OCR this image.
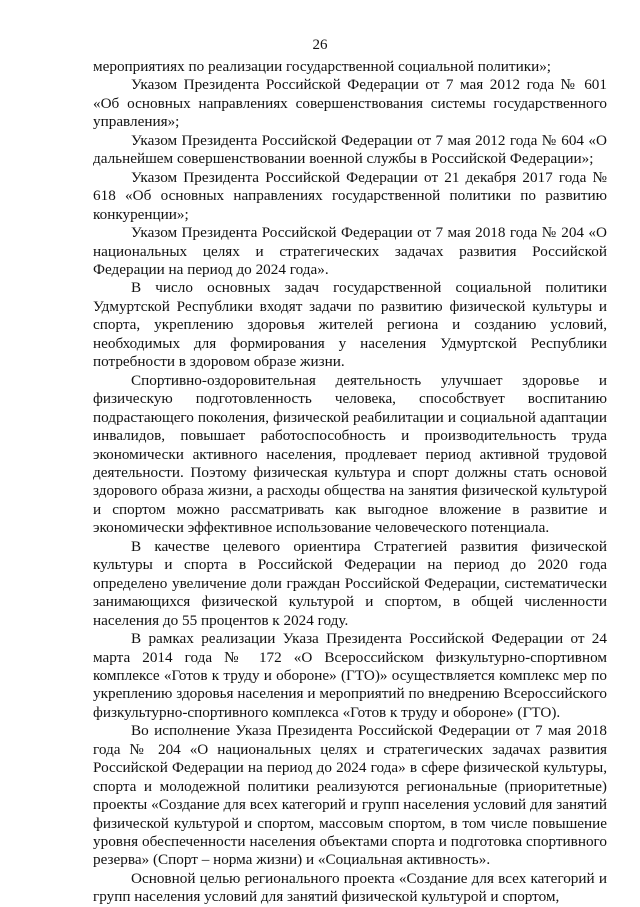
26

мероприятиях по реализации государственной социальной политики»;

Указом Президента Российской Федерации от 7 мая 2012 года № 601 «Об основных направлениях совершенствования системы государственного управления»;

Указом Президента Российской Федерации от 7 мая 2012 года № 604 «О дальнейшем совершенствовании военной службы в Российской Федерации»;

Указом Президента Российской Федерации от 21 декабря 2017 года № 618 «Об основных направлениях государственной политики по развитию конкуренции»;

Указом Президента Российской Федерации от 7 мая 2018 года № 204 «О национальных целях и стратегических задачах развития Российской Федерации на период до 2024 года».

В число основных задач государственной социальной политики Удмуртской Республики входят задачи по развитию физической культуры и спорта, укреплению здоровья жителей региона и созданию условий, необходимых для формирования у населения Удмуртской Республики потребности в здоровом образе жизни.

Спортивно-оздоровительная деятельность улучшает здоровье и физическую подготовленность человека, способствует воспитанию подрастающего поколения, физической реабилитации и социальной адаптации инвалидов, повышает работоспособность и производительность труда экономически активного населения, продлевает период активной трудовой деятельности. Поэтому физическая культура и спорт должны стать основой здорового образа жизни, а расходы общества на занятия физической культурой и спортом можно рассматривать как выгодное вложение в развитие и экономически эффективное использование человеческого потенциала.

В качестве целевого ориентира Стратегией развития физической культуры и спорта в Российской Федерации на период до 2020 года определено увеличение доли граждан Российской Федерации, систематически занимающихся физической культурой и спортом, в общей численности населения до 55 процентов к 2024 году.

В рамках реализации Указа Президента Российской Федерации от 24 марта 2014 года № 172 «О Всероссийском физкультурно-спортивном комплексе «Готов к труду и обороне» (ГТО)» осуществляется комплекс мер по укреплению здоровья населения и мероприятий по внедрению Всероссийского физкультурно-спортивного комплекса «Готов к труду и обороне» (ГТО).

Во исполнение Указа Президента Российской Федерации от 7 мая 2018 года № 204 «О национальных целях и стратегических задачах развития Российской Федерации на период до 2024 года» в сфере физической культуры, спорта и молодежной политики реализуются региональные (приоритетные) проекты «Создание для всех категорий и групп населения условий для занятий физической культурой и спортом, массовым спортом, в том числе повышение уровня обеспеченности населения объектами спорта и подготовка спортивного резерва» (Спорт – норма жизни) и «Социальная активность».

Основной целью регионального проекта «Создание для всех категорий и групп населения условий для занятий физической культурой и спортом,
